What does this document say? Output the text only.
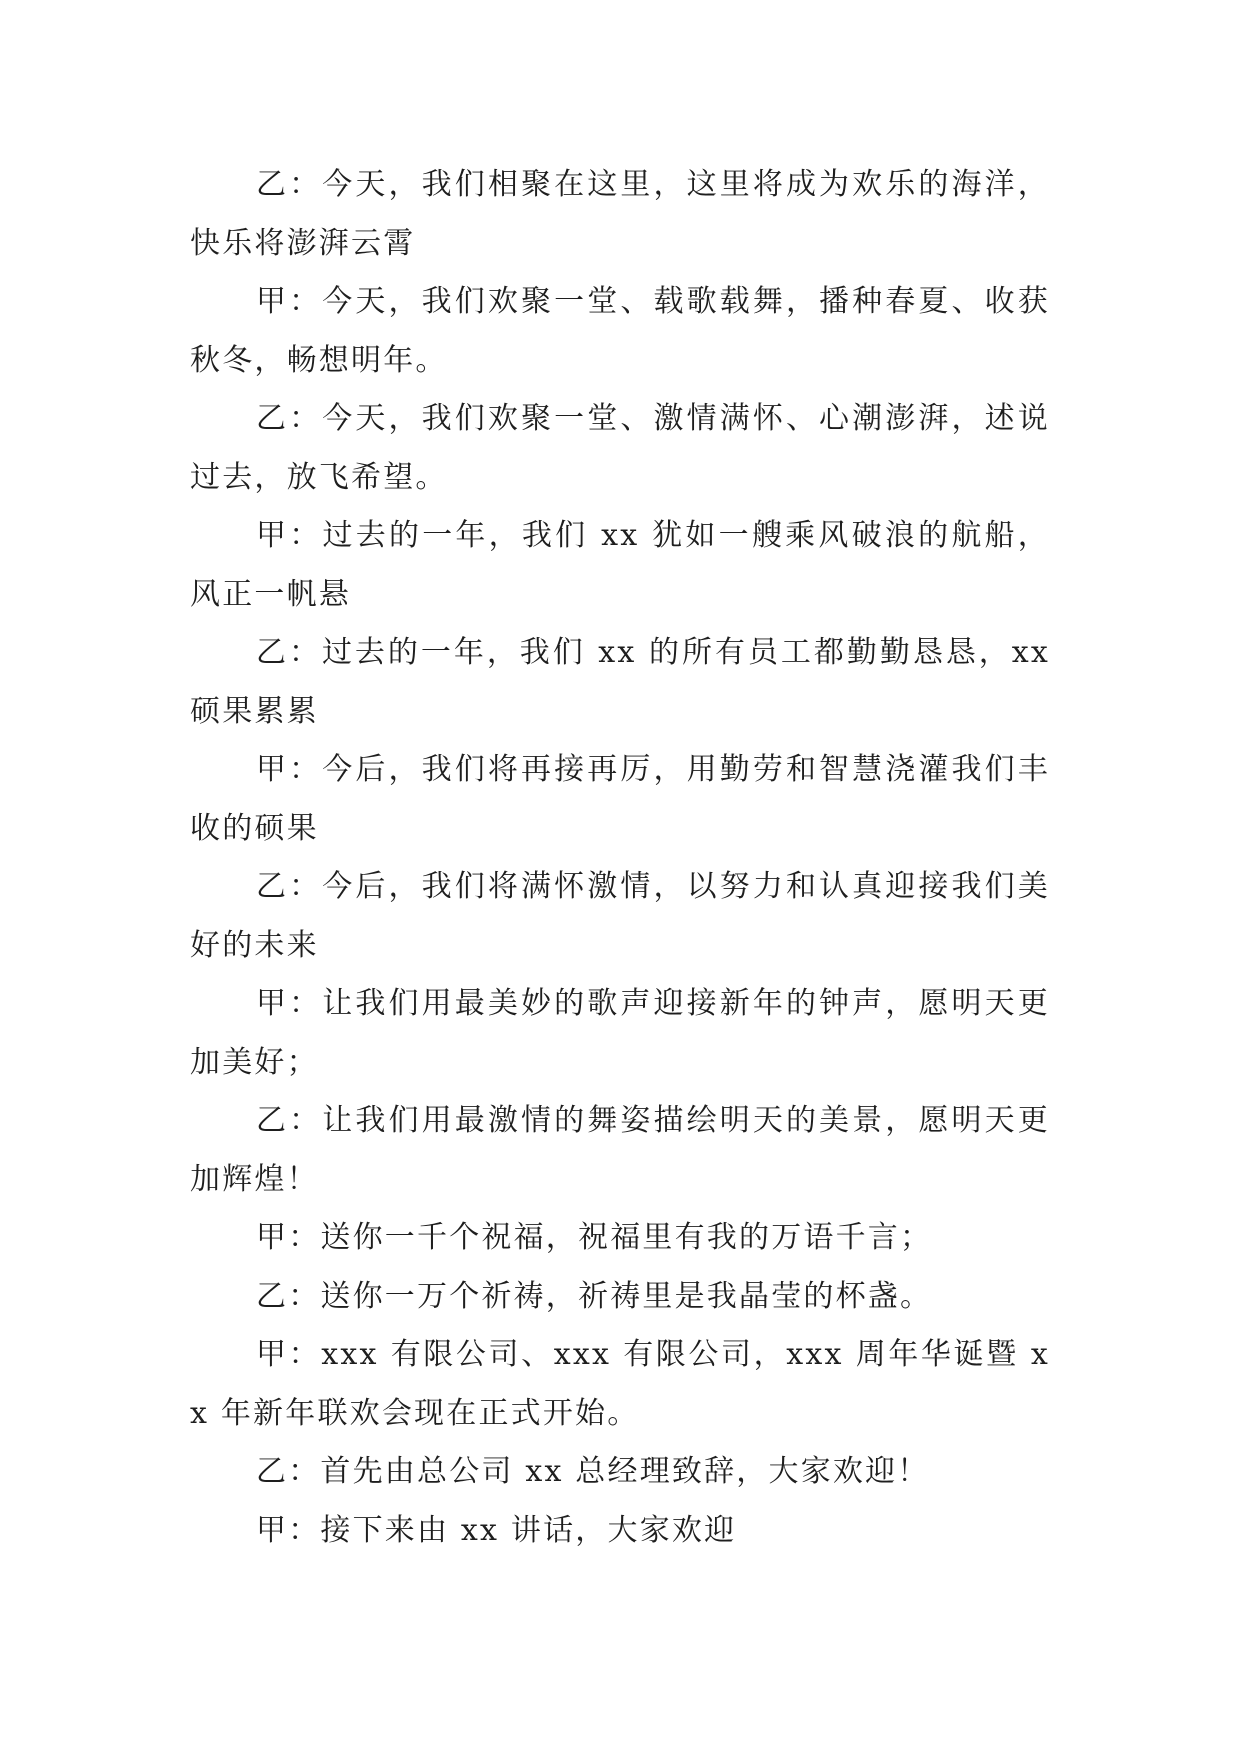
乙：今天，我们相聚在这里，这里将成为欢乐的海洋，快乐将澎湃云霄

甲：今天，我们欢聚一堂、载歌载舞，播种春夏、收获秋冬，畅想明年。

乙：今天，我们欢聚一堂、激情满怀、心潮澎湃，述说过去，放飞希望。

甲：过去的一年，我们 xx 犹如一艘乘风破浪的航船，风正一帆悬

乙：过去的一年，我们 xx 的所有员工都勤勤恳恳，xx 硕果累累

甲：今后，我们将再接再厉，用勤劳和智慧浇灌我们丰收的硕果

乙：今后，我们将满怀激情，以努力和认真迎接我们美好的未来

甲：让我们用最美妙的歌声迎接新年的钟声，愿明天更加美好；

乙：让我们用最激情的舞姿描绘明天的美景，愿明天更加辉煌！

甲：送你一千个祝福，祝福里有我的万语千言；

乙：送你一万个祈祷，祈祷里是我晶莹的杯盏。

甲：xxx 有限公司、xxx 有限公司，xxx 周年华诞暨 xx 年新年联欢会现在正式开始。

乙：首先由总公司 xx 总经理致辞，大家欢迎！

甲：接下来由 xx 讲话，大家欢迎
